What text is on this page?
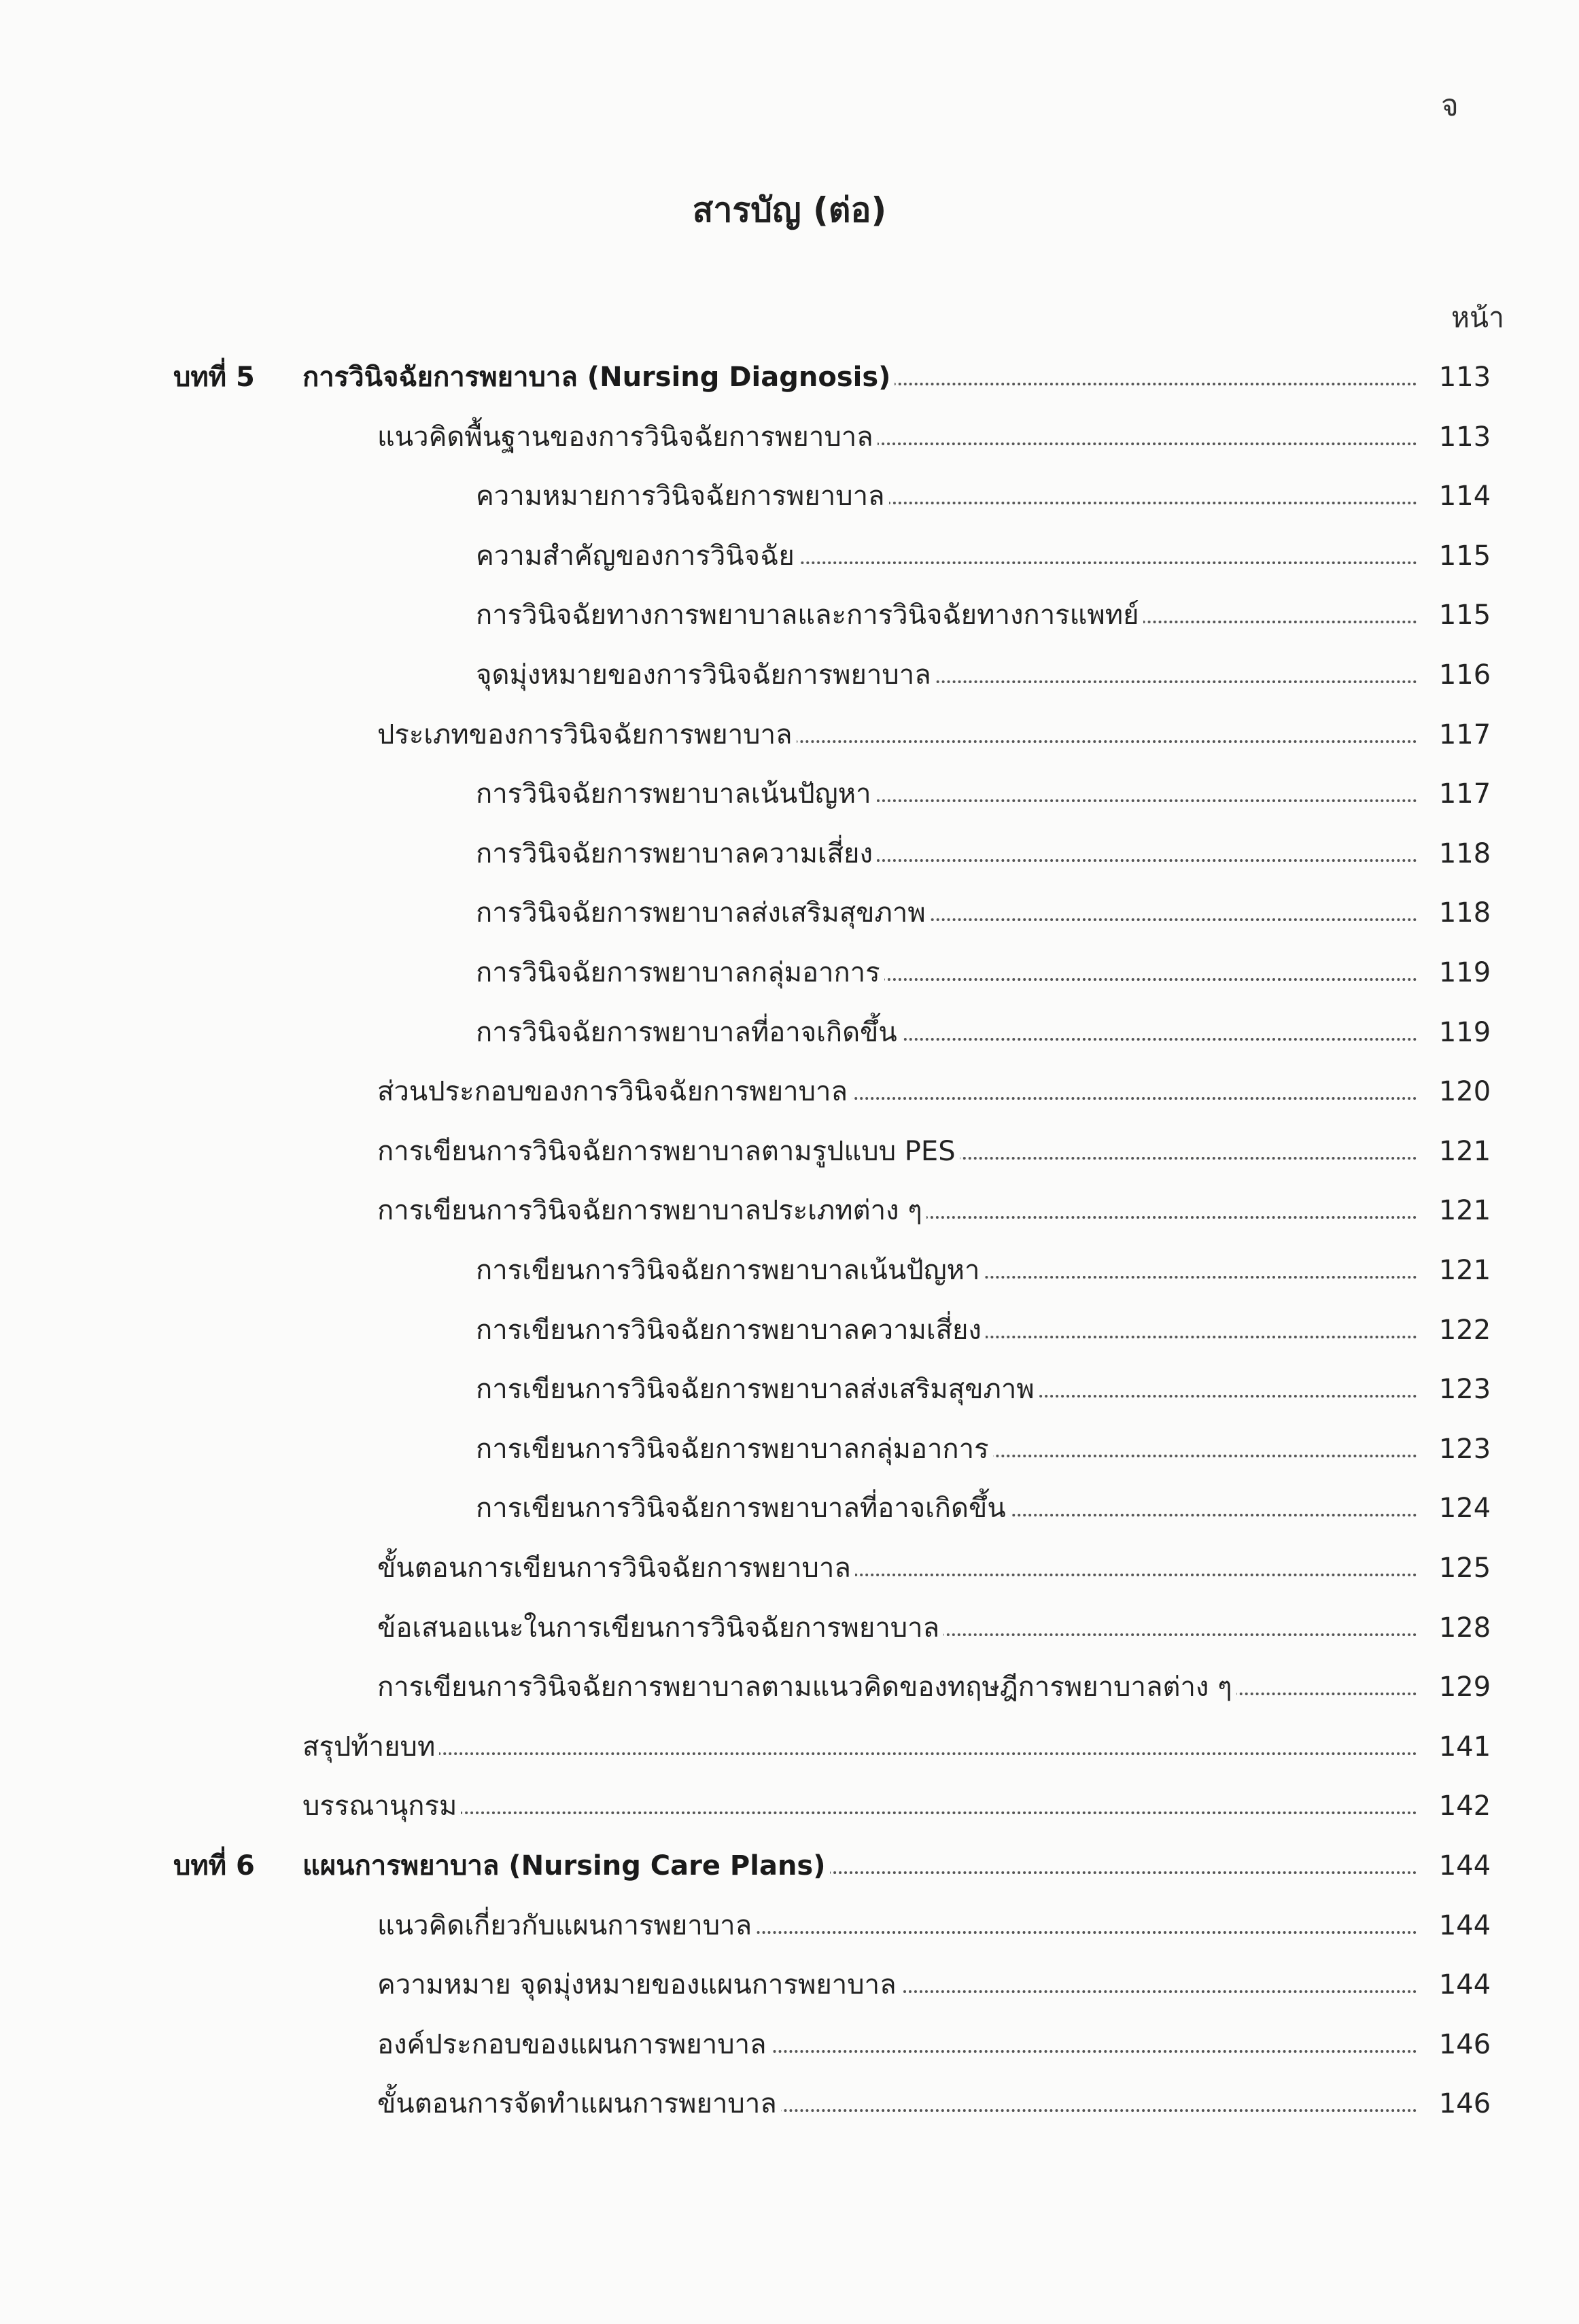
จ
สารบัญ (ต่อ)
หน้า
บทที่ 5 การวินิจฉัยการพยาบาล (Nursing Diagnosis)	113
แนวคิดพื้นฐานของการวินิจฉัยการพยาบาล	113
ความหมายการวินิจฉัยการพยาบาล	114
ความสำคัญของการวินิจฉัย	115
การวินิจฉัยทางการพยาบาลและการวินิจฉัยทางการแพทย์	115
จุดมุ่งหมายของการวินิจฉัยการพยาบาล	116
ประเภทของการวินิจฉัยการพยาบาล	117
การวินิจฉัยการพยาบาลเน้นปัญหา	117
การวินิจฉัยการพยาบาลความเสี่ยง	118
การวินิจฉัยการพยาบาลส่งเสริมสุขภาพ	118
การวินิจฉัยการพยาบาลกลุ่มอาการ	119
การวินิจฉัยการพยาบาลที่อาจเกิดขึ้น	119
ส่วนประกอบของการวินิจฉัยการพยาบาล	120
การเขียนการวินิจฉัยการพยาบาลตามรูปแบบ PES	121
การเขียนการวินิจฉัยการพยาบาลประเภทต่าง ๆ	121
การเขียนการวินิจฉัยการพยาบาลเน้นปัญหา	121
การเขียนการวินิจฉัยการพยาบาลความเสี่ยง	122
การเขียนการวินิจฉัยการพยาบาลส่งเสริมสุขภาพ	123
การเขียนการวินิจฉัยการพยาบาลกลุ่มอาการ	123
การเขียนการวินิจฉัยการพยาบาลที่อาจเกิดขึ้น	124
ขั้นตอนการเขียนการวินิจฉัยการพยาบาล	125
ข้อเสนอแนะในการเขียนการวินิจฉัยการพยาบาล	128
การเขียนการวินิจฉัยการพยาบาลตามแนวคิดของทฤษฎีการพยาบาลต่าง ๆ	129
สรุปท้ายบท	141
บรรณานุกรม	142
บทที่ 6 แผนการพยาบาล (Nursing Care Plans)	144
แนวคิดเกี่ยวกับแผนการพยาบาล	144
ความหมาย จุดมุ่งหมายของแผนการพยาบาล	144
องค์ประกอบของแผนการพยาบาล	146
ขั้นตอนการจัดทำแผนการพยาบาล	146
